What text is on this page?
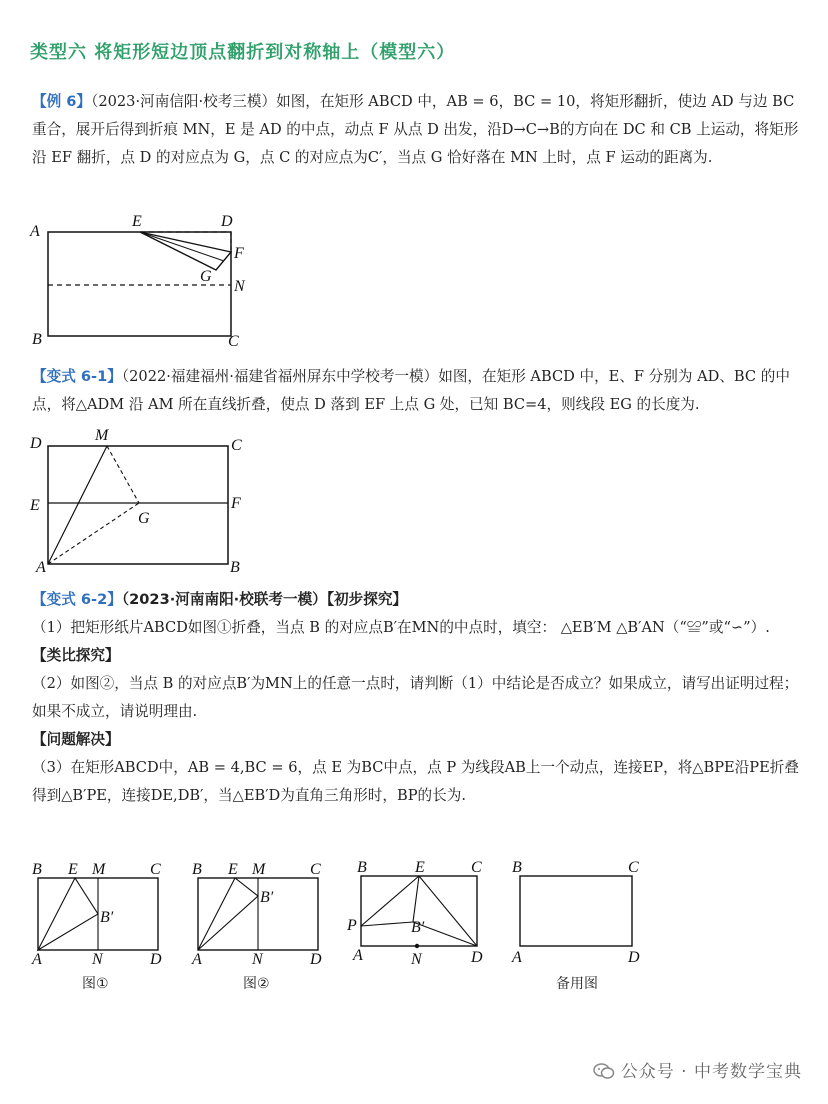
类型六 将矩形短边顶点翻折到对称轴上（模型六）
【例 6】（2023·河南信阳·校考三模）如图，在矩形 ABCD 中，AB = 6，BC = 10，将矩形翻折，使边 AD 与边 BC 重合，展开后得到折痕 MN，E 是 AD 的中点，动点 F 从点 D 出发，沿D→C→B的方向在 DC 和 CB 上运动，将矩形沿 EF 翻折，点 D 的对应点为 G，点 C 的对应点为C′，当点 G 恰好落在 MN 上时，点 F 运动的距离为.
A
E	D
F
G
N
B	C
【变式 6-1】（2022·福建福州·福建省福州屏东中学校考一模）如图，在矩形 ABCD 中，E、F 分别为 AD、BC 的中点，将△ADM 沿 AM 所在直线折叠，使点 D 落到 EF 上点 G 处，已知 BC=4，则线段 EG 的长度为.
D	M
C
E
G
F
A	B
【变式 6-2】（2023·河南南阳·校联考一模）【初步探究】
（1）把矩形纸片ABCD如图①折叠，当点 B 的对应点B′在MN的中点时，填空： △EB′M △B′AN（“≌”或“∽”）.
【类比探究】
（2）如图②，当点 B 的对应点B′为MN上的任意一点时，请判断（1）中结论是否成立？如果成立，请写出证明过程；如果不成立，请说明理由.
【问题解决】
（3）在矩形ABCD中，AB = 4,BC = 6，点 E 为BC中点，点 P 为线段AB上一个动点，连接EP，将△BPE沿PE折叠得到△B′PE，连接DE,DB′，当△EB′D为直角三角形时，BP的长为.
B E M	C
B′
A	N	D
图①
B E M	C
B′
A	N	D
图②
B	E	C
P	B′
A	N	D
B	C
A	D
备用图
公众号 · 中考数学宝典
